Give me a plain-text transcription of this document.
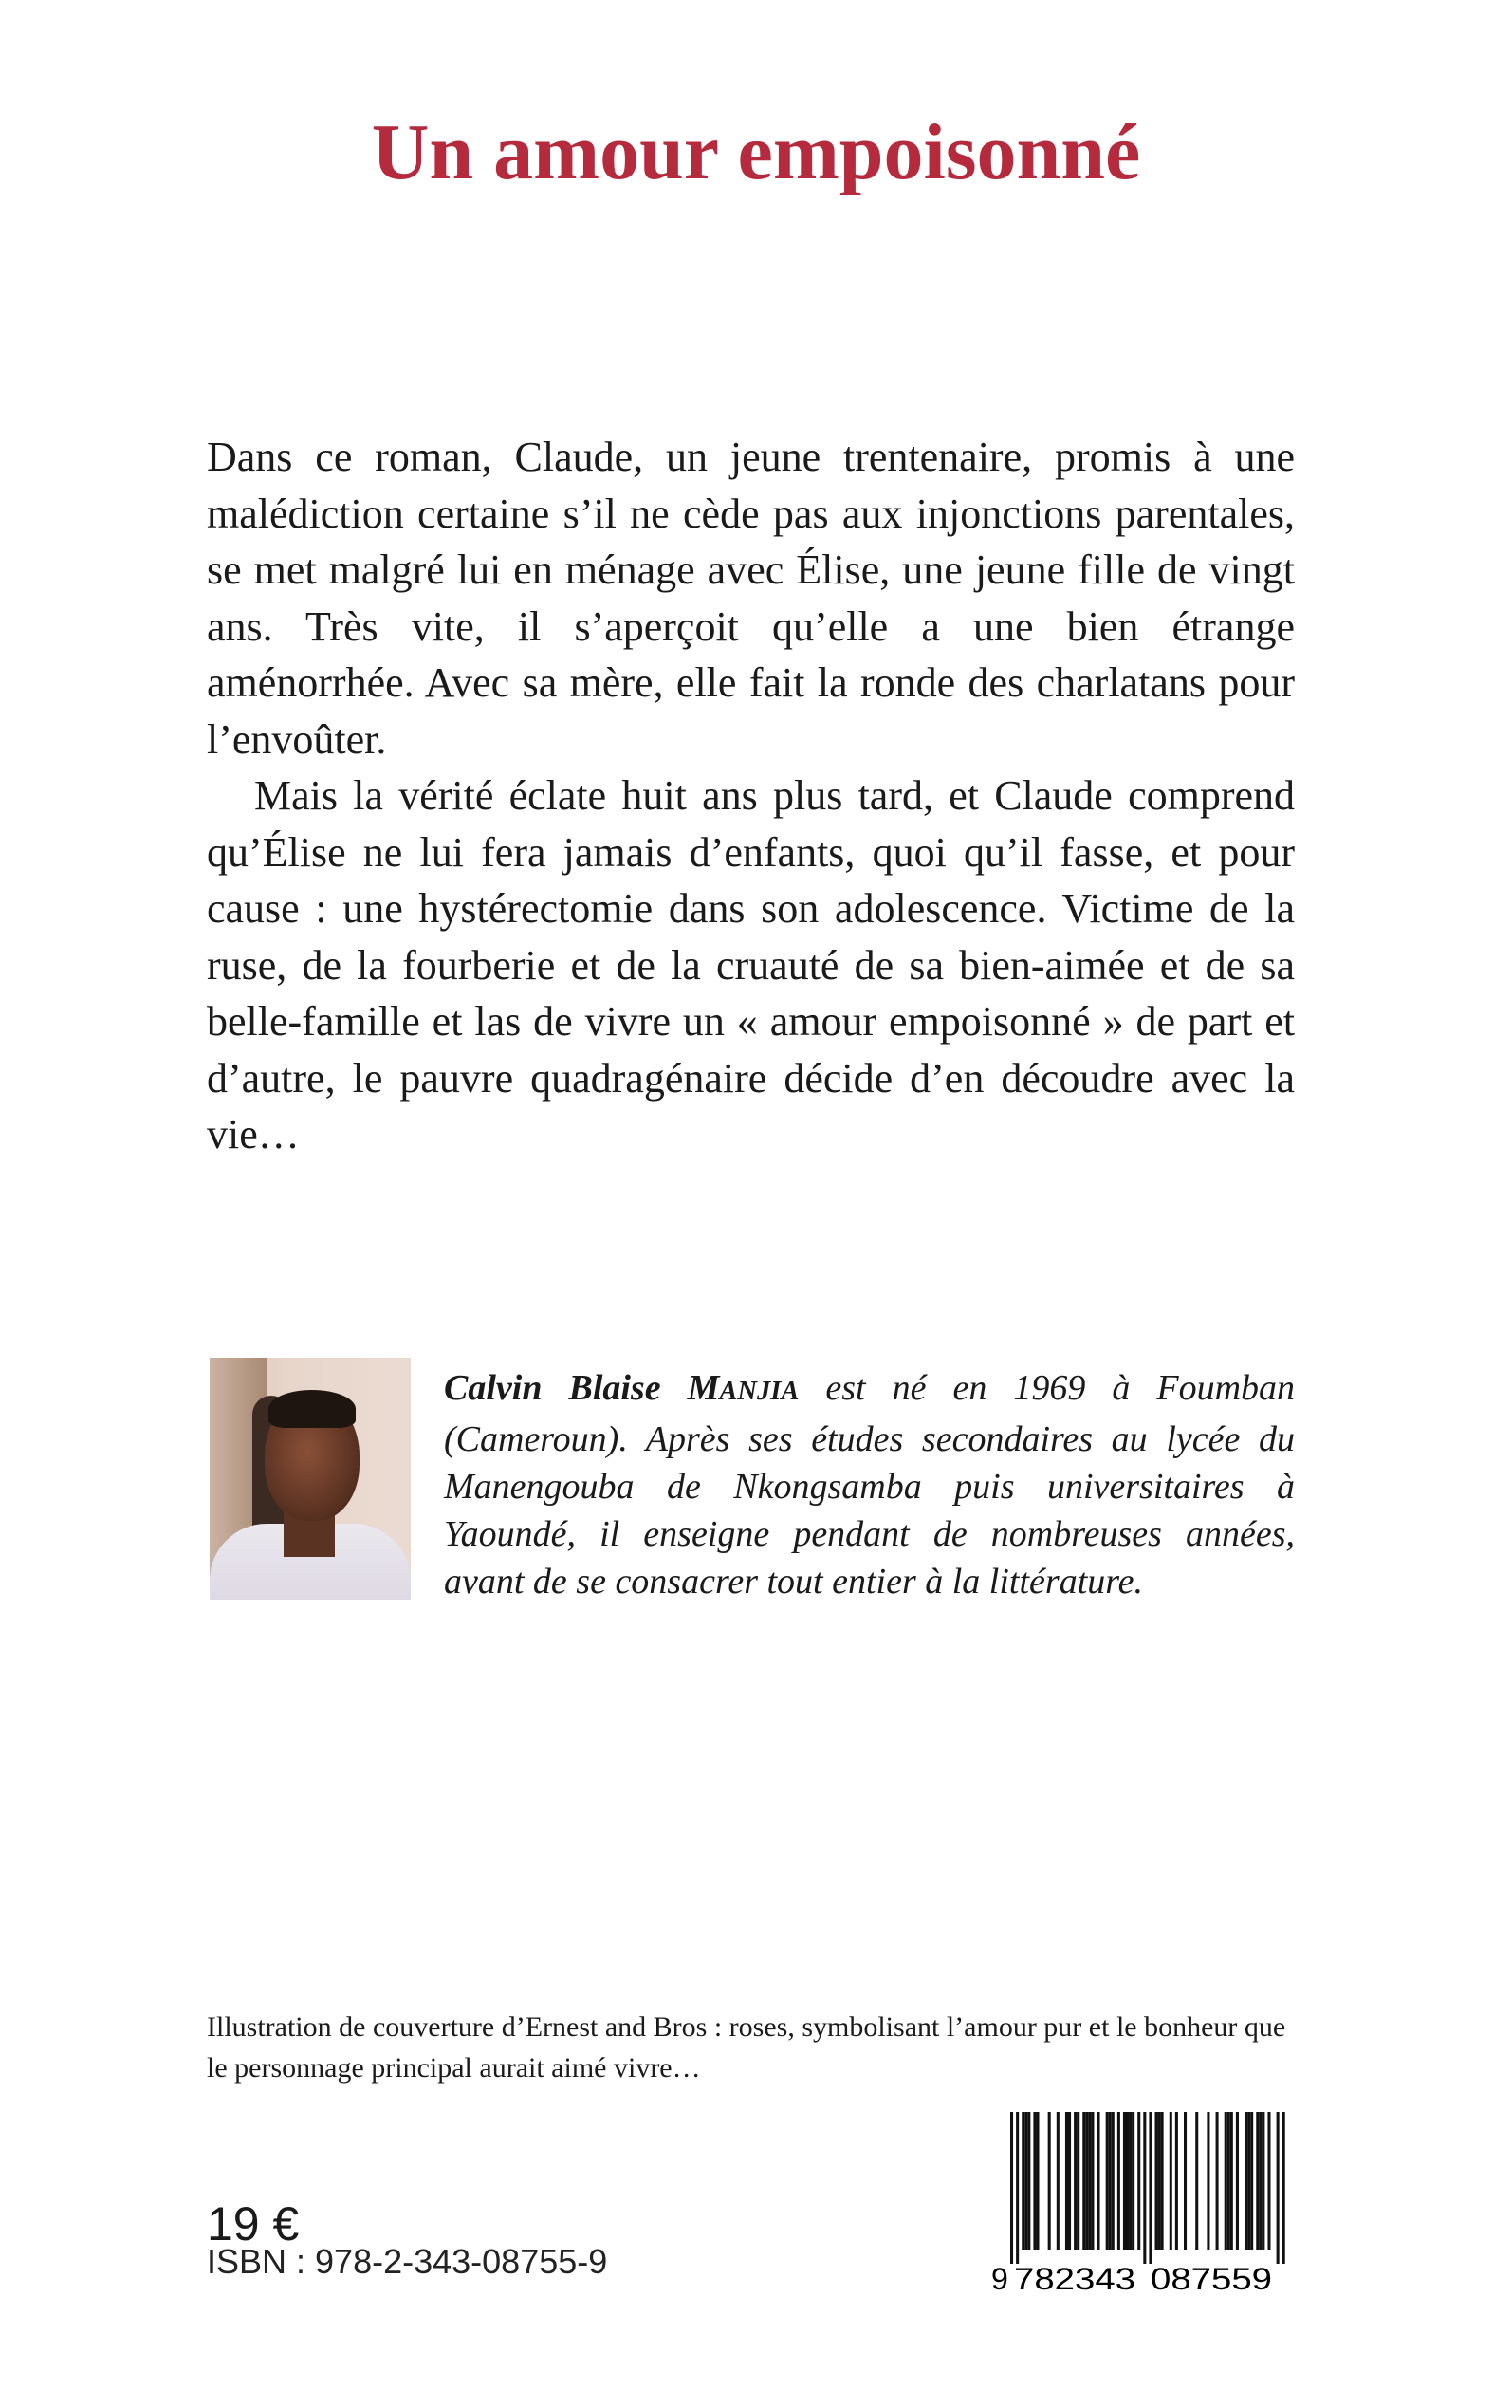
Un amour empoisonné

Dans ce roman, Claude, un jeune trentenaire, promis à une malédiction certaine s’il ne cède pas aux injonctions parentales, se met malgré lui en ménage avec Élise, une jeune fille de vingt ans. Très vite, il s’aperçoit qu’elle a une bien étrange aménorrhée. Avec sa mère, elle fait la ronde des charlatans pour l’envoûter.

Mais la vérité éclate huit ans plus tard, et Claude comprend qu’Élise ne lui fera jamais d’enfants, quoi qu’il fasse, et pour cause : une hystérectomie dans son adolescence. Victime de la ruse, de la fourberie et de la cruauté de sa bien-aimée et de sa belle-famille et las de vivre un « amour empoisonné » de part et d’autre, le pauvre quadragénaire décide d’en découdre avec la vie…

Calvin Blaise MANJIA est né en 1969 à Foumban (Cameroun). Après ses études secondaires au lycée du Manengouba de Nkongsamba puis universitaires à Yaoundé, il enseigne pendant de nombreuses années, avant de se consacrer tout entier à la littérature.
Illustration de couverture d’Ernest and Bros : roses, symbolisant l’amour pur et le bonheur que le personnage principal aurait aimé vivre…
19 €
ISBN : 978-2-343-08755-9	9 782343 087559
